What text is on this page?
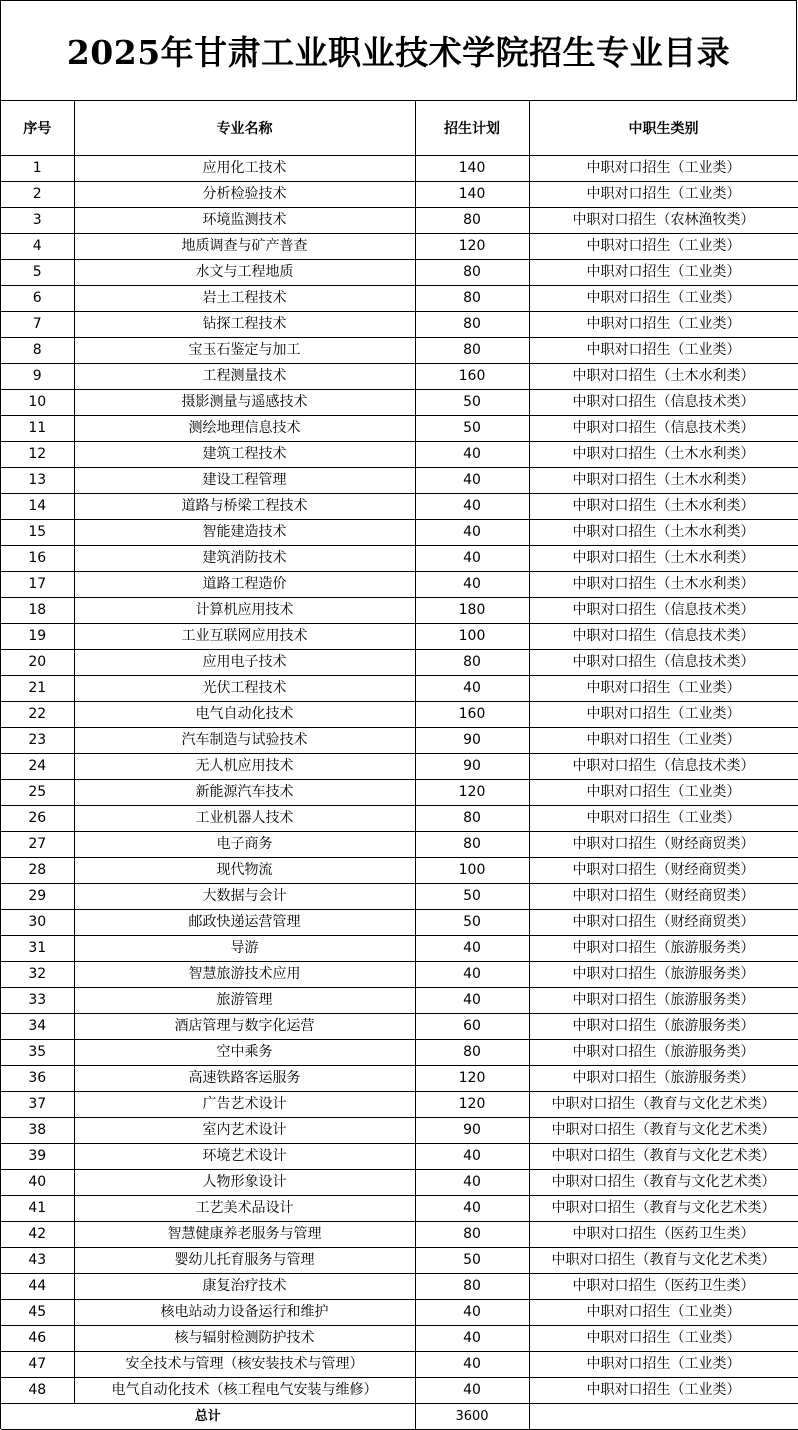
2025年甘肃工业职业技术学院招生专业目录
序号	专业名称	招生计划	中职生类别
1	应用化工技术	140	中职对口招生（工业类）
2	分析检验技术	140	中职对口招生（工业类）
3	环境监测技术	80	中职对口招生（农林渔牧类）
4	地质调查与矿产普查	120	中职对口招生（工业类）
5	水文与工程地质	80	中职对口招生（工业类）
6	岩土工程技术	80	中职对口招生（工业类）
7	钻探工程技术	80	中职对口招生（工业类）
8	宝玉石鉴定与加工	80	中职对口招生（工业类）
9	工程测量技术	160	中职对口招生（土木水利类）
10	摄影测量与遥感技术	50	中职对口招生（信息技术类）
11	测绘地理信息技术	50	中职对口招生（信息技术类）
12	建筑工程技术	40	中职对口招生（土木水利类）
13	建设工程管理	40	中职对口招生（土木水利类）
14	道路与桥梁工程技术	40	中职对口招生（土木水利类）
15	智能建造技术	40	中职对口招生（土木水利类）
16	建筑消防技术	40	中职对口招生（土木水利类）
17	道路工程造价	40	中职对口招生（土木水利类）
18	计算机应用技术	180	中职对口招生（信息技术类）
19	工业互联网应用技术	100	中职对口招生（信息技术类）
20	应用电子技术	80	中职对口招生（信息技术类）
21	光伏工程技术	40	中职对口招生（工业类）
22	电气自动化技术	160	中职对口招生（工业类）
23	汽车制造与试验技术	90	中职对口招生（工业类）
24	无人机应用技术	90	中职对口招生（信息技术类）
25	新能源汽车技术	120	中职对口招生（工业类）
26	工业机器人技术	80	中职对口招生（工业类）
27	电子商务	80	中职对口招生（财经商贸类）
28	现代物流	100	中职对口招生（财经商贸类）
29	大数据与会计	50	中职对口招生（财经商贸类）
30	邮政快递运营管理	50	中职对口招生（财经商贸类）
31	导游	40	中职对口招生（旅游服务类）
32	智慧旅游技术应用	40	中职对口招生（旅游服务类）
33	旅游管理	40	中职对口招生（旅游服务类）
34	酒店管理与数字化运营	60	中职对口招生（旅游服务类）
35	空中乘务	80	中职对口招生（旅游服务类）
36	高速铁路客运服务	120	中职对口招生（旅游服务类）
37	广告艺术设计	120	中职对口招生（教育与文化艺术类）
38	室内艺术设计	90	中职对口招生（教育与文化艺术类）
39	环境艺术设计	40	中职对口招生（教育与文化艺术类）
40	人物形象设计	40	中职对口招生（教育与文化艺术类）
41	工艺美术品设计	40	中职对口招生（教育与文化艺术类）
42	智慧健康养老服务与管理	80	中职对口招生（医药卫生类）
43	婴幼儿托育服务与管理	50	中职对口招生（教育与文化艺术类）
44	康复治疗技术	80	中职对口招生（医药卫生类）
45	核电站动力设备运行和维护	40	中职对口招生（工业类）
46	核与辐射检测防护技术	40	中职对口招生（工业类）
47	安全技术与管理（核安装技术与管理）	40	中职对口招生（工业类）
48	电气自动化技术（核工程电气安装与维修）	40	中职对口招生（工业类）
总计		3600	
